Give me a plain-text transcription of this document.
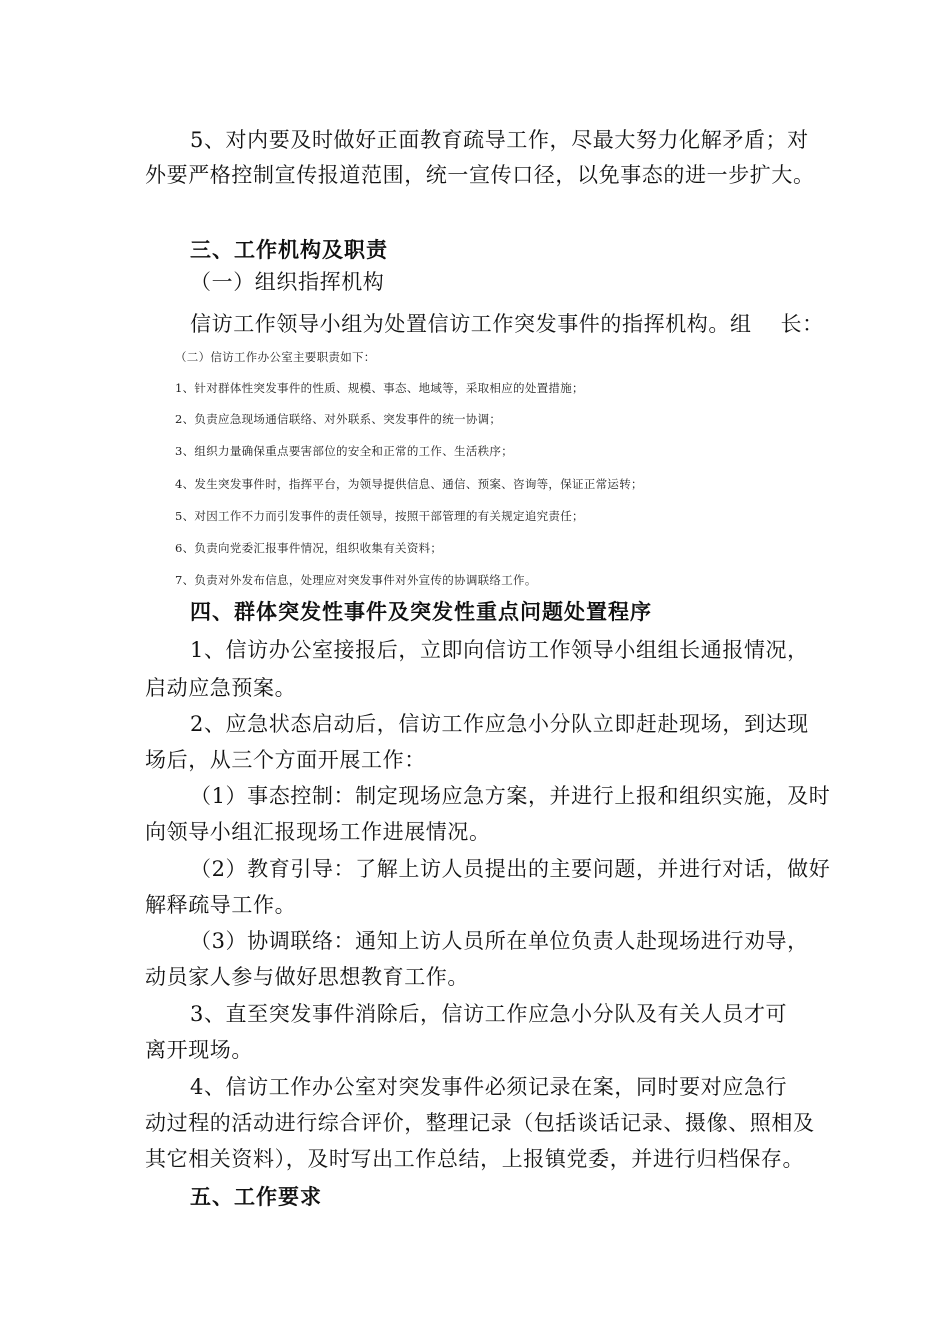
5、对内要及时做好正面教育疏导工作，尽最大努力化解矛盾；对
外要严格控制宣传报道范围，统一宣传口径，以免事态的进一步扩大。
三、工作机构及职责
（一）组织指挥机构
信访工作领导小组为处置信访工作突发事件的指挥机构。组　 长：
（二）信访工作办公室主要职责如下：
1、针对群体性突发事件的性质、规模、事态、地域等，采取相应的处置措施；
2、负责应急现场通信联络、对外联系、突发事件的统一协调；
3、组织力量确保重点要害部位的安全和正常的工作、生活秩序；
4、发生突发事件时，指挥平台，为领导提供信息、通信、预案、咨询等，保证正常运转；
5、对因工作不力而引发事件的责任领导，按照干部管理的有关规定追究责任；
6、负责向党委汇报事件情况，组织收集有关资料；
7、负责对外发布信息，处理应对突发事件对外宣传的协调联络工作。
四、群体突发性事件及突发性重点问题处置程序
1、信访办公室接报后，立即向信访工作领导小组组长通报情况，
启动应急预案。
2、应急状态启动后，信访工作应急小分队立即赶赴现场，到达现
场后，从三个方面开展工作：
（1）事态控制：制定现场应急方案，并进行上报和组织实施，及时
向领导小组汇报现场工作进展情况。
（2）教育引导：了解上访人员提出的主要问题，并进行对话，做好
解释疏导工作。
（3）协调联络：通知上访人员所在单位负责人赴现场进行劝导，
动员家人参与做好思想教育工作。
3、直至突发事件消除后，信访工作应急小分队及有关人员才可
离开现场。
4、信访工作办公室对突发事件必须记录在案，同时要对应急行
动过程的活动进行综合评价，整理记录（包括谈话记录、摄像、照相及
其它相关资料），及时写出工作总结，上报镇党委，并进行归档保存。
五、工作要求
